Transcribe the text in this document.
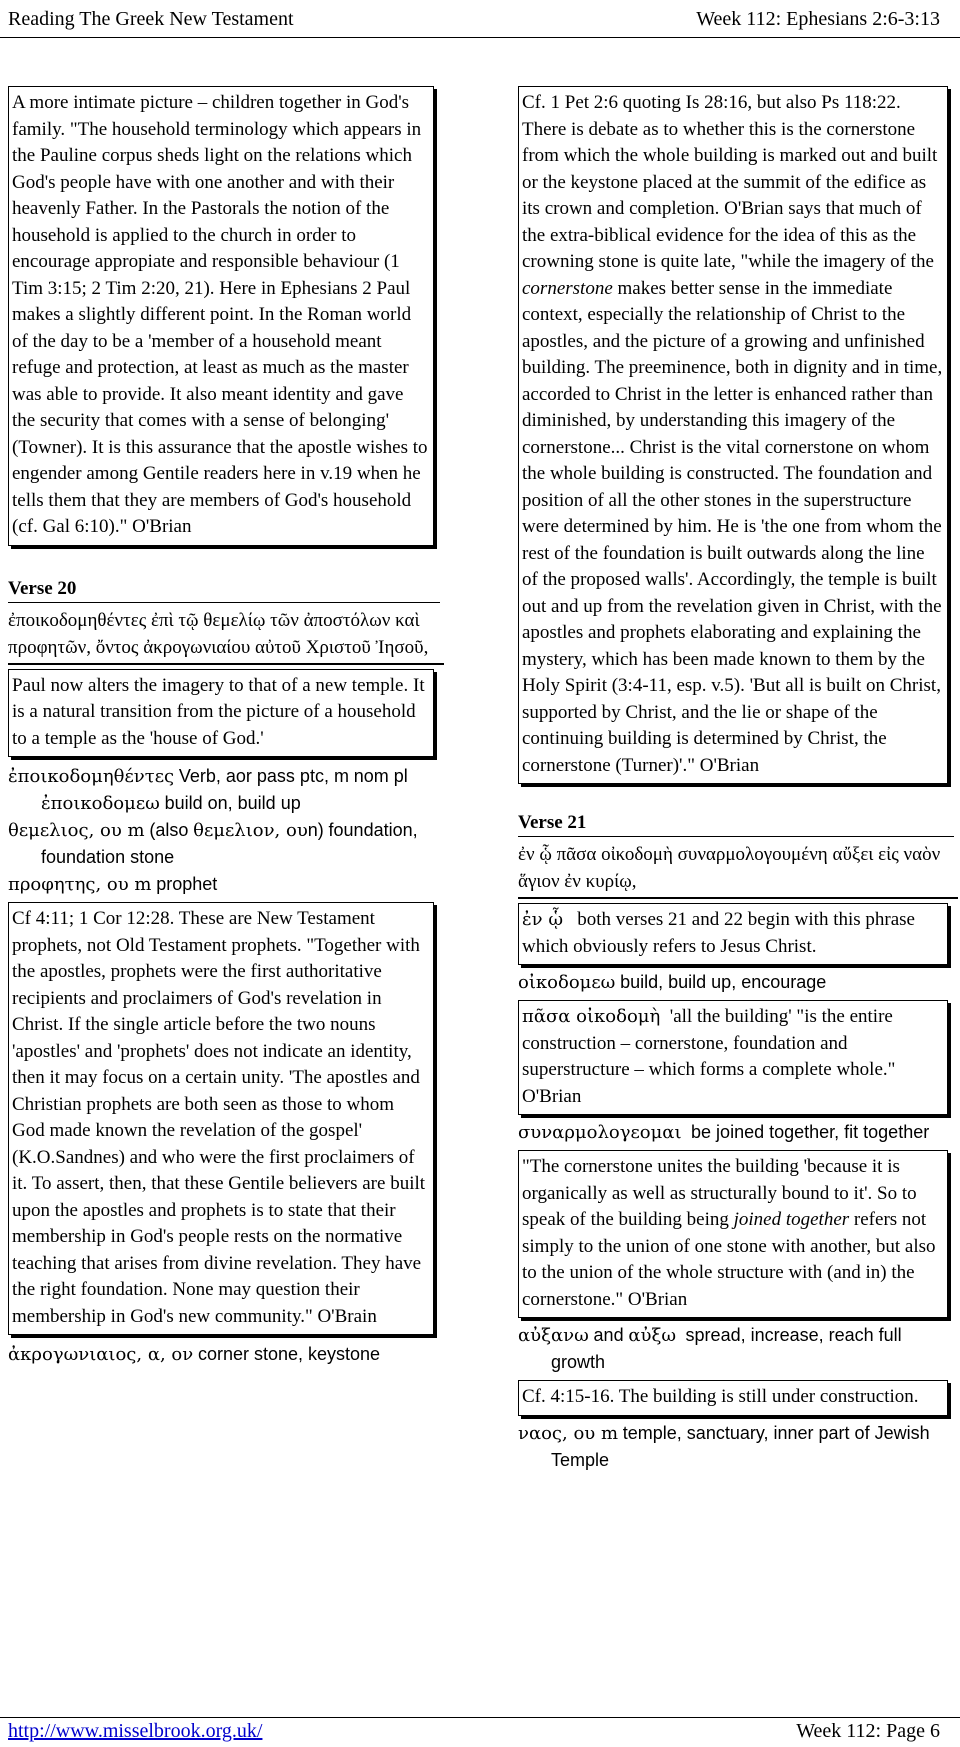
Reading The Greek New Testament	Week 112: Ephesians 2:6-3:13

A more intimate picture – children together in God's family. "The household terminology which appears in the Pauline corpus sheds light on the relations which God's people have with one another and with their heavenly Father. In the Pastorals the notion of the household is applied to the church in order to encourage appropiate and responsible behaviour (1 Tim 3:15; 2 Tim 2:20, 21). Here in Ephesians 2 Paul makes a slightly different point. In the Roman world of the day to be a 'member of a household meant refuge and protection, at least as much as the master was able to provide. It also meant identity and gave the security that comes with a sense of belonging' (Towner). It is this assurance that the apostle wishes to engender among Gentile readers here in v.19 when he tells them that they are members of God's household (cf. Gal 6:10)." O'Brian

Verse 20
ἐποικοδομηθέντες ἐπὶ τῷ θεμελίῳ τῶν ἀποστόλων καὶ προφητῶν, ὄντος ἀκρογωνιαίου αὐτοῦ Χριστοῦ Ἰησοῦ,

Paul now alters the imagery to that of a new temple. It is a natural transition from the picture of a household to a temple as the 'house of God.'

ἐποικοδομηθέντες Verb, aor pass ptc, m nom pl ἐποικοδομεω build on, build up
θεμελιος, ου m (also θεμελιον, ουn) foundation, foundation stone
προφητης, ου m prophet

Cf 4:11; 1 Cor 12:28. These are New Testament prophets, not Old Testament prophets. "Together with the apostles, prophets were the first authoritative recipients and proclaimers of God's revelation in Christ. If the single article before the two nouns 'apostles' and 'prophets' does not indicate an identity, then it may focus on a certain unity. 'The apostles and Christian prophets are both seen as those to whom God made known the revelation of the gospel' (K.O.Sandnes) and who were the first proclaimers of it. To assert, then, that these Gentile believers are built upon the apostles and prophets is to state that their membership in God's people rests on the normative teaching that arises from divine revelation. They have the right foundation. None may question their membership in God's new community." O'Brain

ἀκρογωνιαιος, α, ον corner stone, keystone

Cf. 1 Pet 2:6 quoting Is 28:16, but also Ps 118:22. There is debate as to whether this is the cornerstone from which the whole building is marked out and built or the keystone placed at the summit of the edifice as its crown and completion. O'Brian says that much of the extra-biblical evidence for the idea of this as the crowning stone is quite late, "while the imagery of the cornerstone makes better sense in the immediate context, especially the relationship of Christ to the apostles, and the picture of a growing and unfinished building. The preeminence, both in dignity and in time, accorded to Christ in the letter is enhanced rather than diminished, by understanding this imagery of the cornerstone... Christ is the vital cornerstone on whom the whole building is constructed. The foundation and position of all the other stones in the superstructure were determined by him. He is 'the one from whom the rest of the foundation is built outwards along the line of the proposed walls'. Accordingly, the temple is built out and up from the revelation given in Christ, with the apostles and prophets elaborating and explaining the mystery, which has been made known to them by the Holy Spirit (3:4-11, esp. v.5). 'But all is built on Christ, supported by Christ, and the lie or shape of the continuing building is determined by Christ, the cornerstone (Turner)'." O'Brian

Verse 21
ἐν ᾧ πᾶσα οἰκοδομὴ συναρμολογουμένη αὔξει εἰς ναὸν ἅγιον ἐν κυρίῳ,

ἐν ᾧ both verses 21 and 22 begin with this phrase which obviously refers to Jesus Christ.

οἰκοδομεω build, build up, encourage

πᾶσα οἰκοδομὴ 'all the building' "is the entire construction – cornerstone, foundation and superstructure – which forms a complete whole." O'Brian

συναρμολογεομαι be joined together, fit together

"The cornerstone unites the building 'because it is organically as well as structurally bound to it'. So to speak of the building being joined together refers not simply to the union of one stone with another, but also to the union of the whole structure with (and in) the cornerstone." O'Brian

αὐξανω and αὐξω spread, increase, reach full growth

Cf. 4:15-16. The building is still under construction.

ναος, ου m temple, sanctuary, inner part of Jewish Temple
http://www.misselbrook.org.uk/	Week 112: Page 6
